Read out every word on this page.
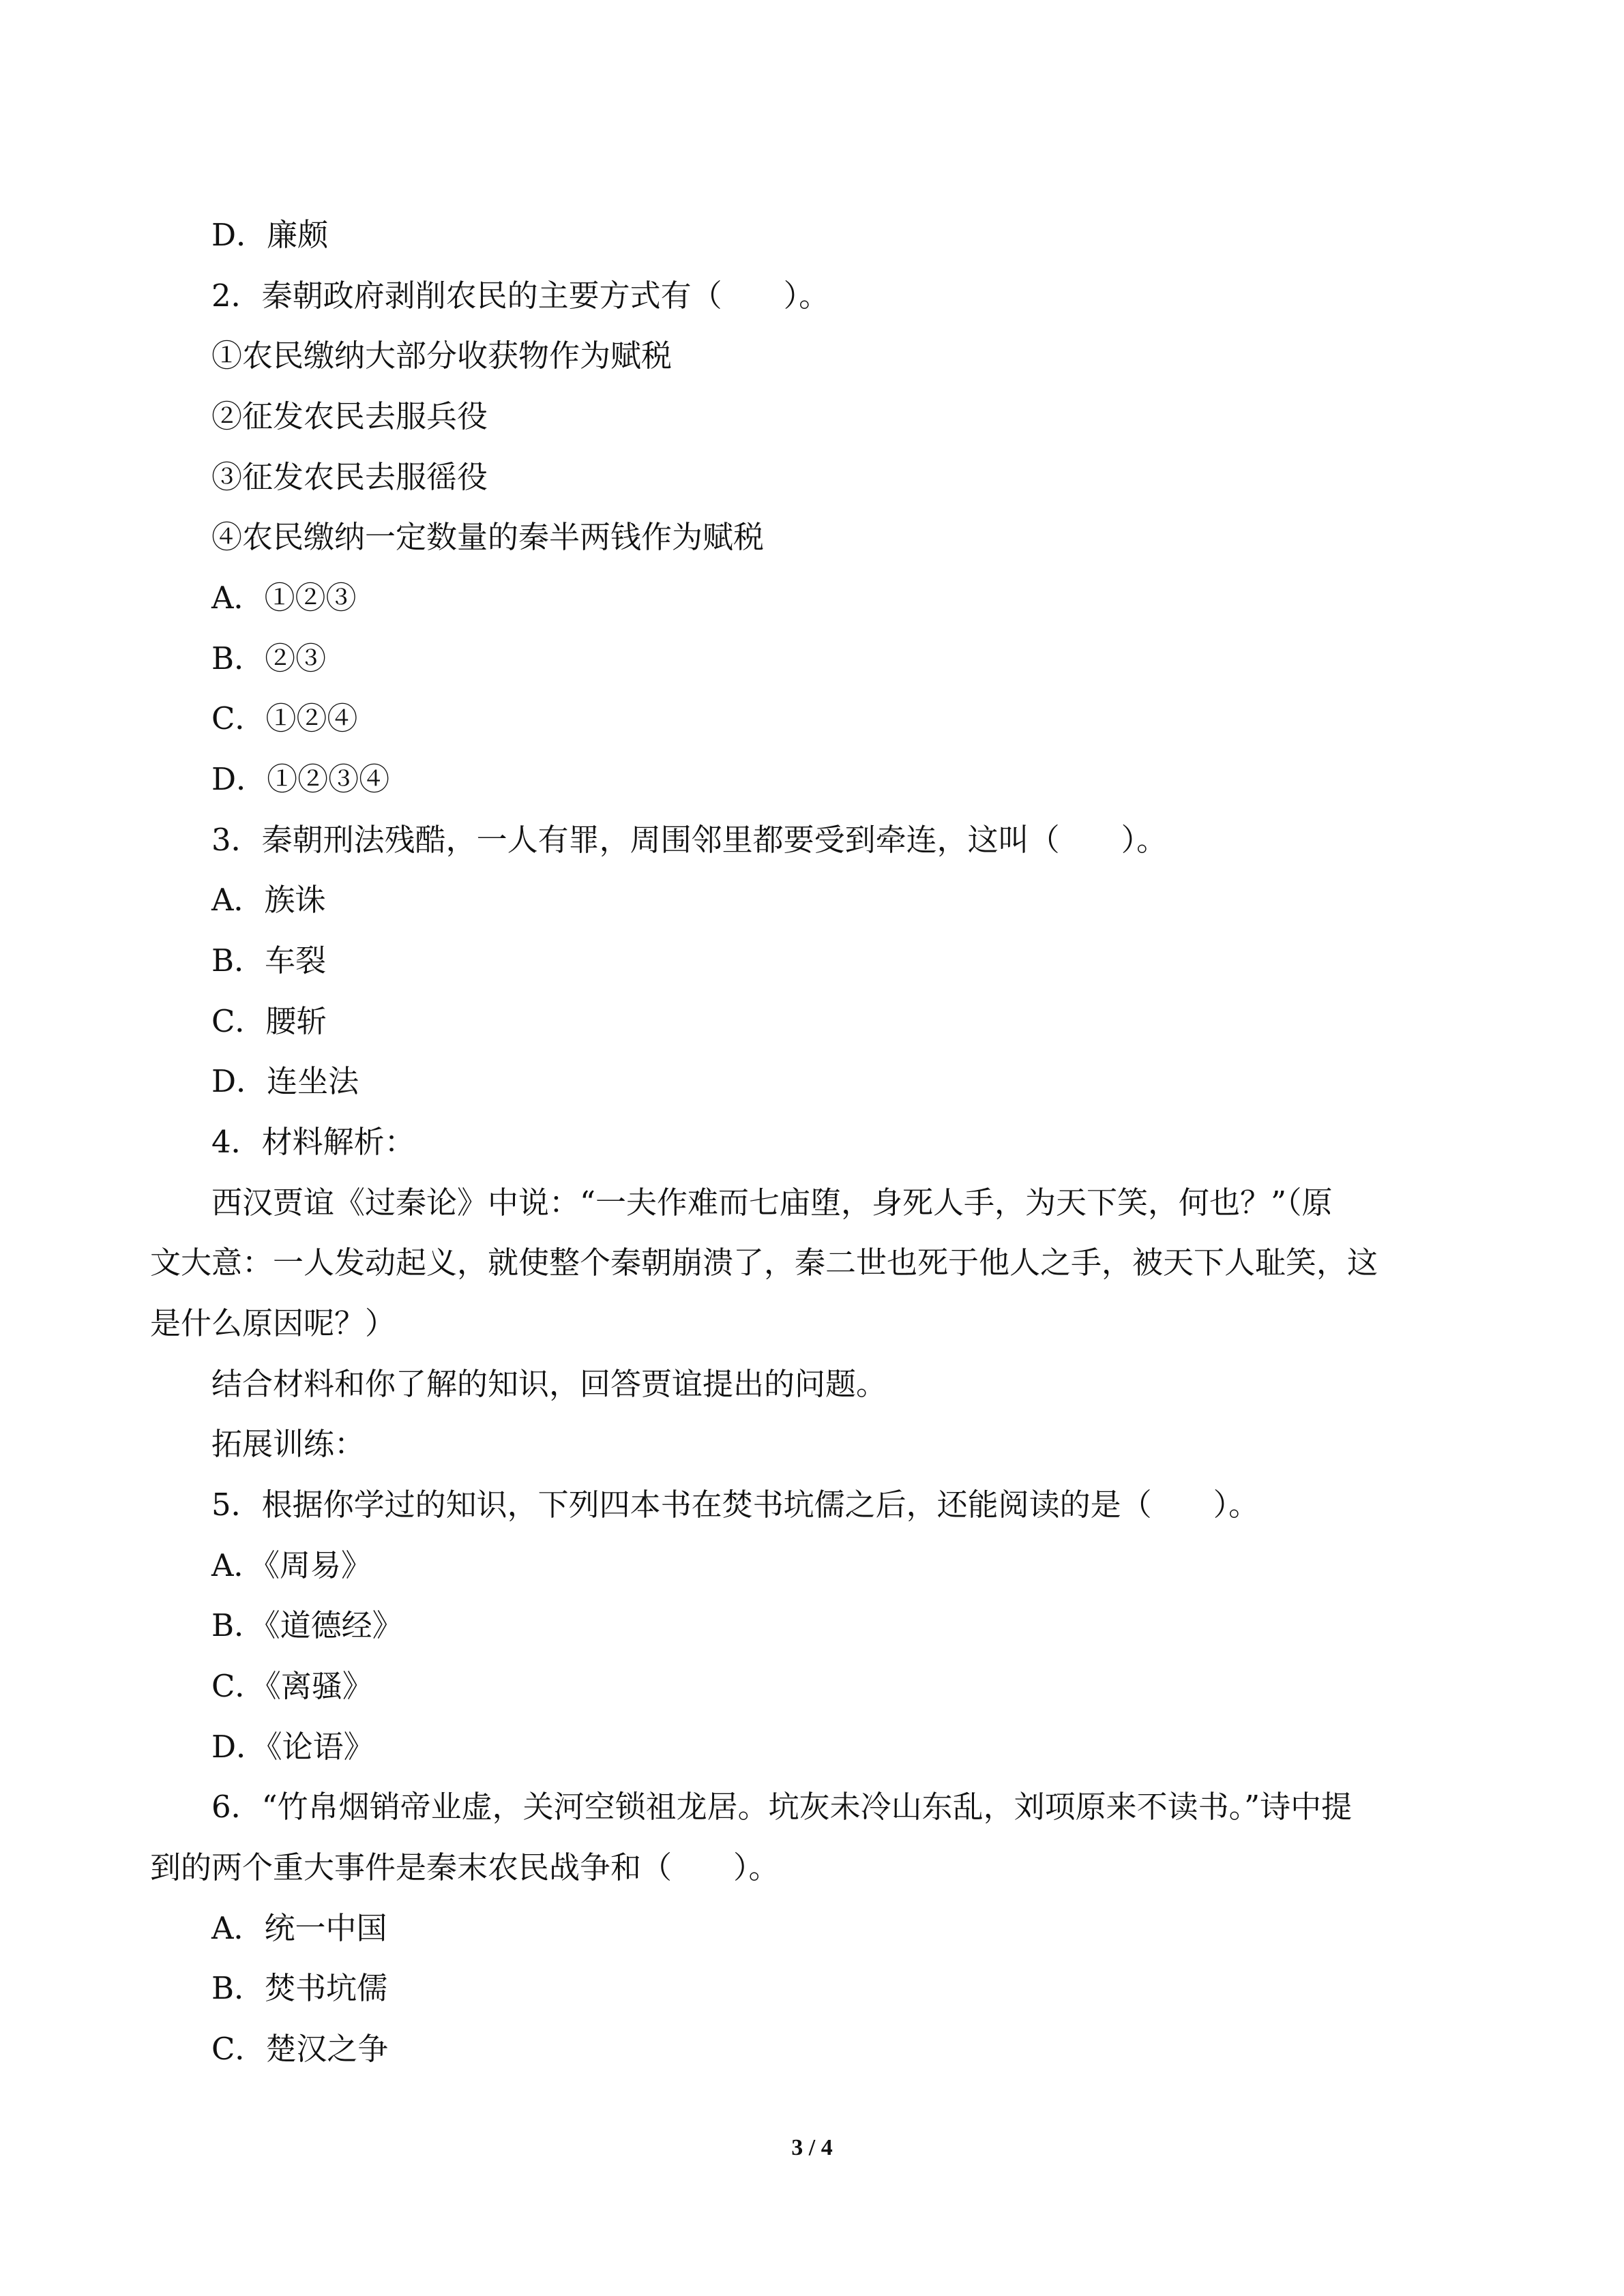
D．廉颇

2．秦朝政府剥削农民的主要方式有（　　）。

①农民缴纳大部分收获物作为赋税

②征发农民去服兵役

③征发农民去服徭役

④农民缴纳一定数量的秦半两钱作为赋税

A．①②③

B．②③

C．①②④

D．①②③④

3．秦朝刑法残酷，一人有罪，周围邻里都要受到牵连，这叫（　　）。

A．族诛

B．车裂

C．腰斩

D．连坐法

4．材料解析：

西汉贾谊《过秦论》中说：“一夫作难而七庙堕，身死人手，为天下笑，何也？”（原

文大意：一人发动起义，就使整个秦朝崩溃了，秦二世也死于他人之手，被天下人耻笑，这

是什么原因呢？）

结合材料和你了解的知识，回答贾谊提出的问题。

拓展训练：

5．根据你学过的知识，下列四本书在焚书坑儒之后，还能阅读的是（　　）。

A．《周易》

B．《道德经》

C．《离骚》

D．《论语》

6．“竹帛烟销帝业虚，关河空锁祖龙居。坑灰未冷山东乱，刘项原来不读书。”诗中提

到的两个重大事件是秦末农民战争和（　　）。

A．统一中国

B．焚书坑儒

C．楚汉之争

3 / 4
